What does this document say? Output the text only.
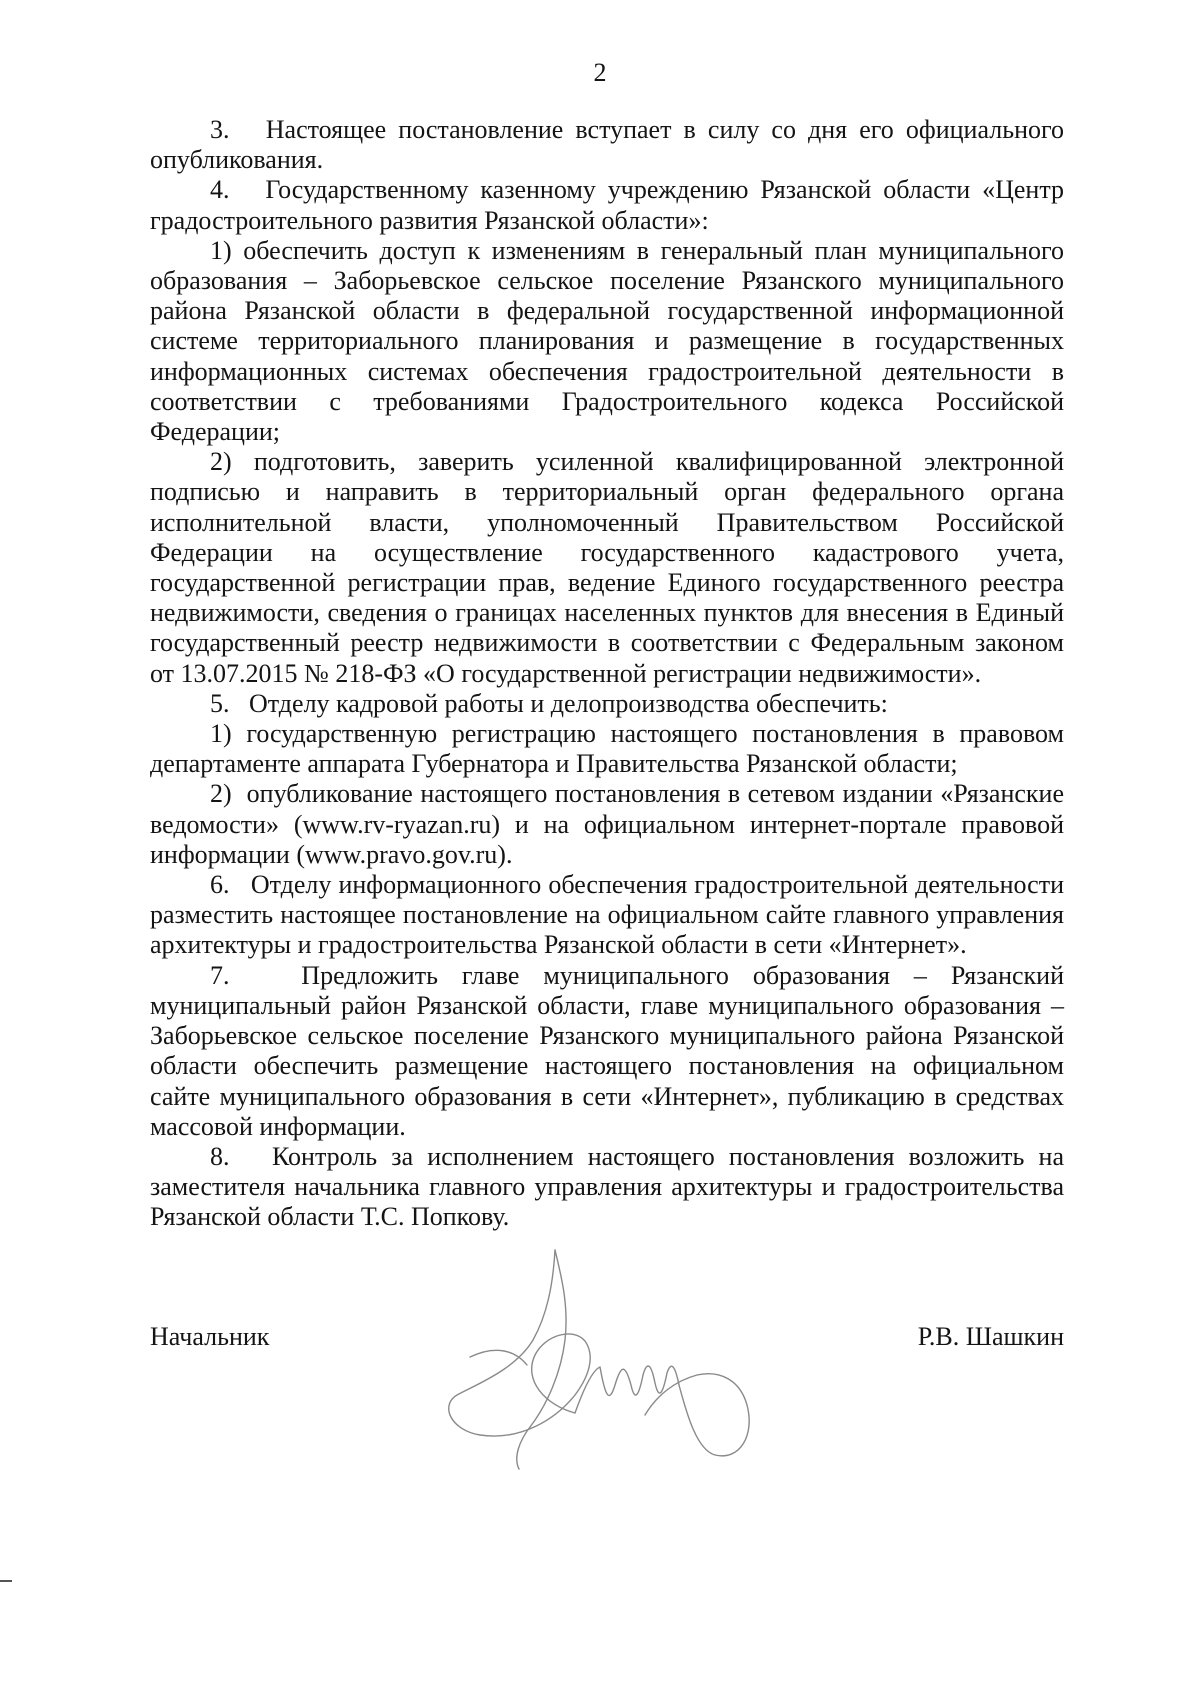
2

3.   Настоящее постановление вступает в силу со дня его официального опубликования.

4.   Государственному казенному учреждению Рязанской области «Центр градостроительного развития Рязанской области»:

1) обеспечить доступ к изменениям в генеральный план муниципального образования – Заборьевское сельское поселение Рязанского муниципального района Рязанской области в федеральной государственной информационной системе территориального планирования и размещение в государственных информационных системах обеспечения градостроительной деятельности в соответствии с требованиями Градостроительного кодекса Российской Федерации;

2) подготовить, заверить усиленной квалифицированной электронной подписью и направить в территориальный орган федерального органа исполнительной власти, уполномоченный Правительством Российской Федерации на осуществление государственного кадастрового учета, государственной регистрации прав, ведение Единого государственного реестра недвижимости, сведения о границах населенных пунктов для внесения в Единый государственный реестр недвижимости в соответствии с Федеральным законом от 13.07.2015 № 218-ФЗ «О государственной регистрации недвижимости».

5.   Отделу кадровой работы и делопроизводства обеспечить:

1) государственную регистрацию настоящего постановления в правовом департаменте аппарата Губернатора и Правительства Рязанской области;

2)  опубликование настоящего постановления в сетевом издании «Рязанские ведомости» (www.rv-ryazan.ru) и на официальном интернет-портале правовой информации (www.pravo.gov.ru).

6.   Отделу информационного обеспечения градостроительной деятельности разместить настоящее постановление на официальном сайте главного управления архитектуры и градостроительства Рязанской области в сети «Интернет».

7.   Предложить главе муниципального образования – Рязанский муниципальный район Рязанской области, главе муниципального образования – Заборьевское сельское поселение Рязанского муниципального района Рязанской области обеспечить размещение настоящего постановления на официальном сайте муниципального образования в сети «Интернет», публикацию в средствах массовой информации.

8.   Контроль за исполнением настоящего постановления возложить на заместителя начальника главного управления архитектуры и градостроительства Рязанской области Т.С. Попкову.

Начальник	Р.В. Шашкин
